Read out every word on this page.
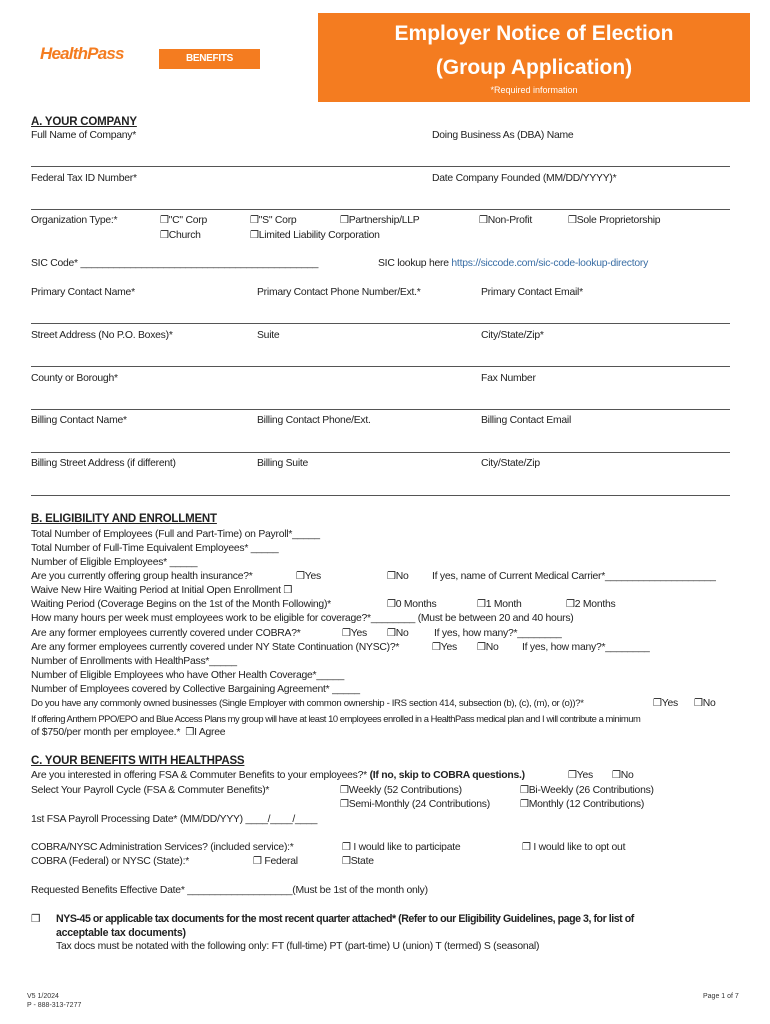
HealthPass	BENEFITS EXCHANGE
Employer Notice of Election
(Group Application)
*Required information
A. YOUR COMPANY
Full Name of Company*	Doing Business As (DBA) Name
Federal Tax ID Number*	Date Company Founded (MM/DD/YYYY)*
Organization Type:*	❒"C" Corp	❒"S" Corp	❒Partnership/LLP	❒Non-Profit	❒Sole Proprietorship
❒Church	❒Limited Liability Corporation
SIC Code* ___________________________________________	SIC lookup here https://siccode.com/sic-code-lookup-directory
Primary Contact Name*	Primary Contact Phone Number/Ext.*	Primary Contact Email*
Street Address (No P.O. Boxes)*	Suite	City/State/Zip*
County or Borough*	Fax Number
Billing Contact Name*	Billing Contact Phone/Ext.	Billing Contact Email
Billing Street Address (if different)	Billing Suite	City/State/Zip
B. ELIGIBILITY AND ENROLLMENT
Total Number of Employees (Full and Part-Time) on Payroll*_____
Total Number of Full-Time Equivalent Employees* _____
Number of Eligible Employees* _____
Are you currently offering group health insurance?*	❒Yes	❒No If yes, name of Current Medical Carrier*____________________
Waive New Hire Waiting Period at Initial Open Enrollment ❒
Waiting Period (Coverage Begins on the 1st of the Month Following)*	❒0 Months	❒1 Month	❒2 Months
How many hours per week must employees work to be eligible for coverage?*________ (Must be between 20 and 40 hours)
Are any former employees currently covered under COBRA?*	❒Yes ❒No If yes, how many?*________
Are any former employees currently covered under NY State Continuation (NYSC)?*	❒Yes ❒No If yes, how many?*________
Number of Enrollments with HealthPass*_____
Number of Eligible Employees who have Other Health Coverage*_____
Number of Employees covered by Collective Bargaining Agreement* _____
Do you have any commonly owned businesses (Single Employer with common ownership - IRS section 414, subsection (b), (c), (m), or (o))?*	❒Yes ❒No
If offering Anthem PPO/EPO and Blue Access Plans my group will have at least 10 employees enrolled in a HealthPass medical plan and I will contribute a minimum
of $750/per month per employee.* ❒I Agree
C. YOUR BENEFITS WITH HEALTHPASS
Are you interested in offering FSA & Commuter Benefits to your employees?* (If no, skip to COBRA questions.)	❒Yes ❒No
Select Your Payroll Cycle (FSA & Commuter Benefits)*	❒Weekly (52 Contributions)	❒Bi-Weekly (26 Contributions)
❒Semi-Monthly (24 Contributions)	❒Monthly (12 Contributions)
1st FSA Payroll Processing Date* (MM/DD/YYY) ____/____/____
COBRA/NYSC Administration Services? (included service):*	❒ I would like to participate	❒ I would like to opt out
COBRA (Federal) or NYSC (State):*	❒ Federal	❒State
Requested Benefits Effective Date* ___________________(Must be 1st of the month only)
❒ NYS-45 or applicable tax documents for the most recent quarter attached* (Refer to our Eligibility Guidelines, page 3, for list of
acceptable tax documents)
Tax docs must be notated with the following only: FT (full-time) PT (part-time) U (union) T (termed) S (seasonal)
V5 1/2024
P - 888-313-7277
Page 1 of 7
